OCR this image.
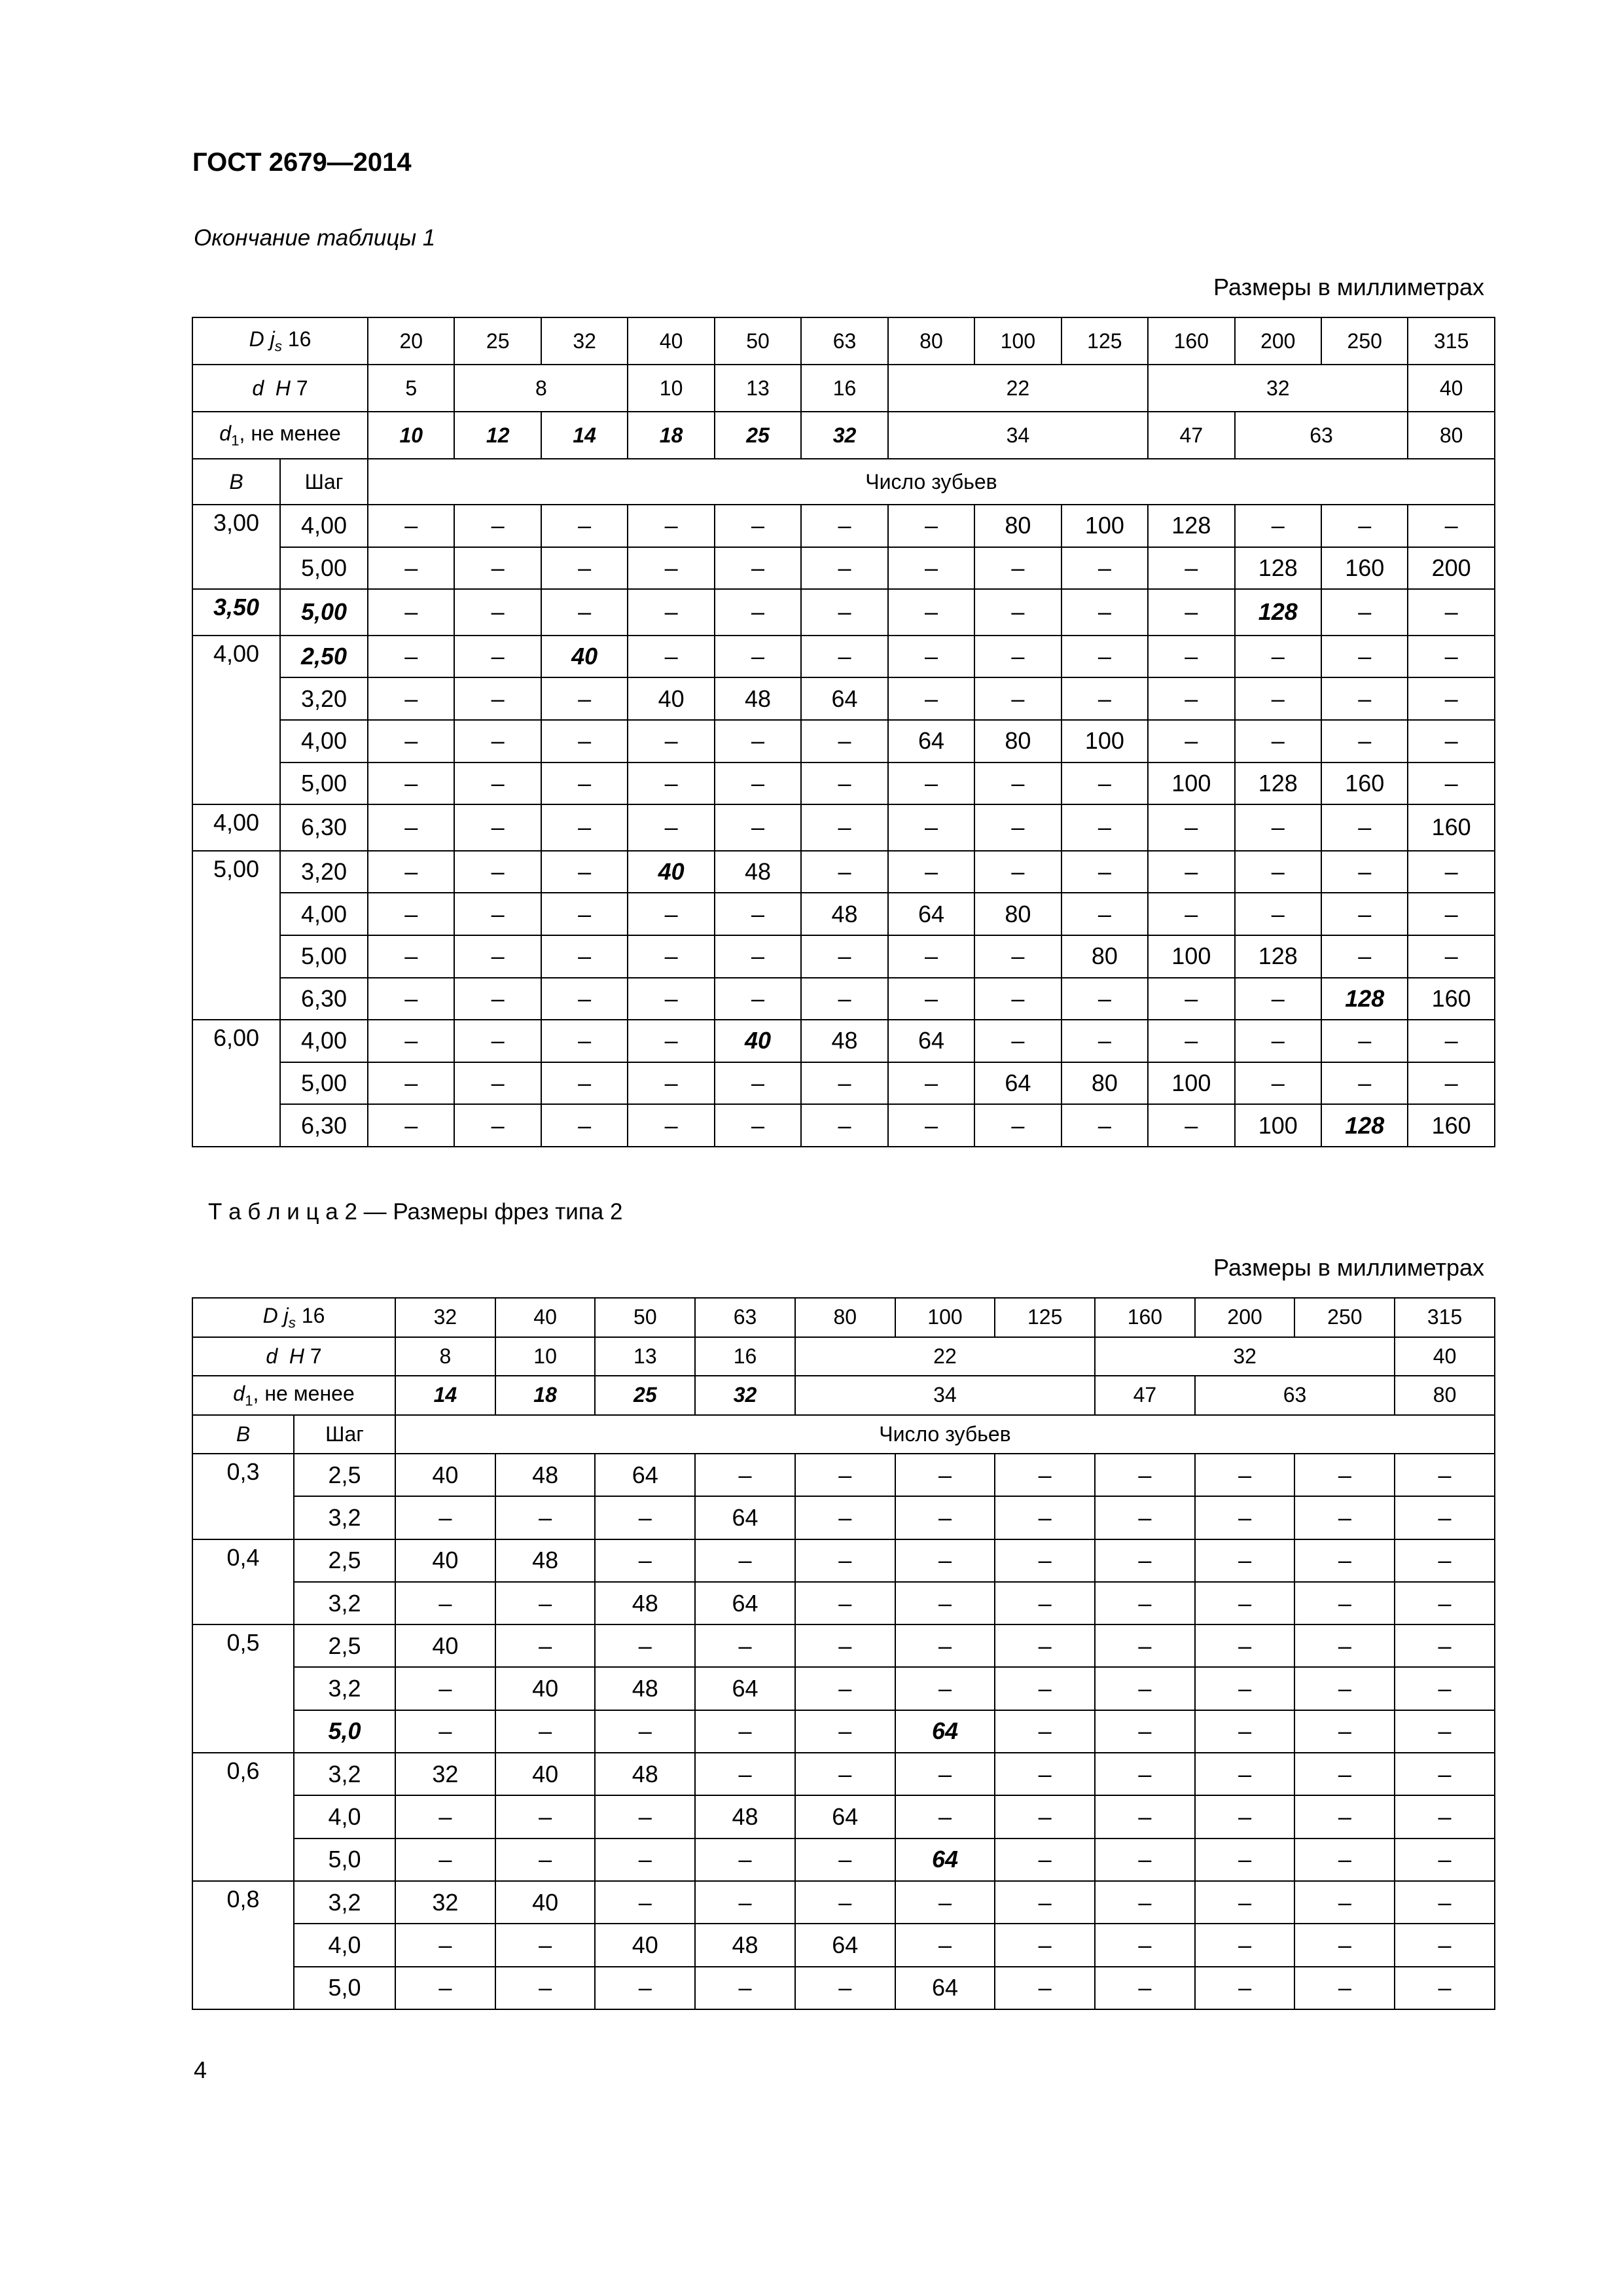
ГОСТ 2679—2014
Окончание таблицы 1
Размеры в миллиметрах
D $j_s$ 16		20	25	32	40	50	63	80	100	125	160	200	250	315
d H 7		5	8		10	13	16	22			32			40
$d_1$, не менее		10	12	14	18	25	32	34			47	63		80
B	Шаг	Число зубьев												
3,00	4,00	–	–	–	–	–	–	–	80	100	128	–	–	–
	5,00	–	–	–	–	–	–	–	–	–	–	128	160	200
3,50	5,00	–	–	–	–	–	–	–	–	–	–	128	–	–
4,00	2,50	–	–	40	–	–	–	–	–	–	–	–	–	–
	3,20	–	–	–	40	48	64	–	–	–	–	–	–	–
	4,00	–	–	–	–	–	–	64	80	100	–	–	–	–
	5,00	–	–	–	–	–	–	–	–	–	100	128	160	–
4,00	6,30	–	–	–	–	–	–	–	–	–	–	–	–	160
5,00	3,20	–	–	–	40	48	–	–	–	–	–	–	–	–
	4,00	–	–	–	–	–	48	64	80	–	–	–	–	–
	5,00	–	–	–	–	–	–	–	–	80	100	128	–	–
	6,30	–	–	–	–	–	–	–	–	–	–	–	128	160
6,00	4,00	–	–	–	–	40	48	64	–	–	–	–	–	–
	5,00	–	–	–	–	–	–	–	64	80	100	–	–	–
	6,30	–	–	–	–	–	–	–	–	–	–	100	128	160
Т а б л и ц а 2 — Размеры фрез типа 2
Размеры в миллиметрах
D $j_s$ 16		32	40	50	63	80	100	125	160	200	250	315
d H 7		8	10	13	16	22			32			40
$d_1$, не менее		14	18	25	32	34			47	63		80
B	Шаг	Число зубьев										
0,3	2,5	40	48	64	–	–	–	–	–	–	–	–
	3,2	–	–	–	64	–	–	–	–	–	–	–
0,4	2,5	40	48	–	–	–	–	–	–	–	–	–
	3,2	–	–	48	64	–	–	–	–	–	–	–
0,5	2,5	40	–	–	–	–	–	–	–	–	–	–
	3,2	–	40	48	64	–	–	–	–	–	–	–
	5,0	–	–	–	–	–	64	–	–	–	–	–
0,6	3,2	32	40	48	–	–	–	–	–	–	–	–
	4,0	–	–	–	48	64	–	–	–	–	–	–
	5,0	–	–	–	–	–	64	–	–	–	–	–
0,8	3,2	32	40	–	–	–	–	–	–	–	–	–
	4,0	–	–	40	48	64	–	–	–	–	–	–
	5,0	–	–	–	–	–	64	–	–	–	–	–
4
